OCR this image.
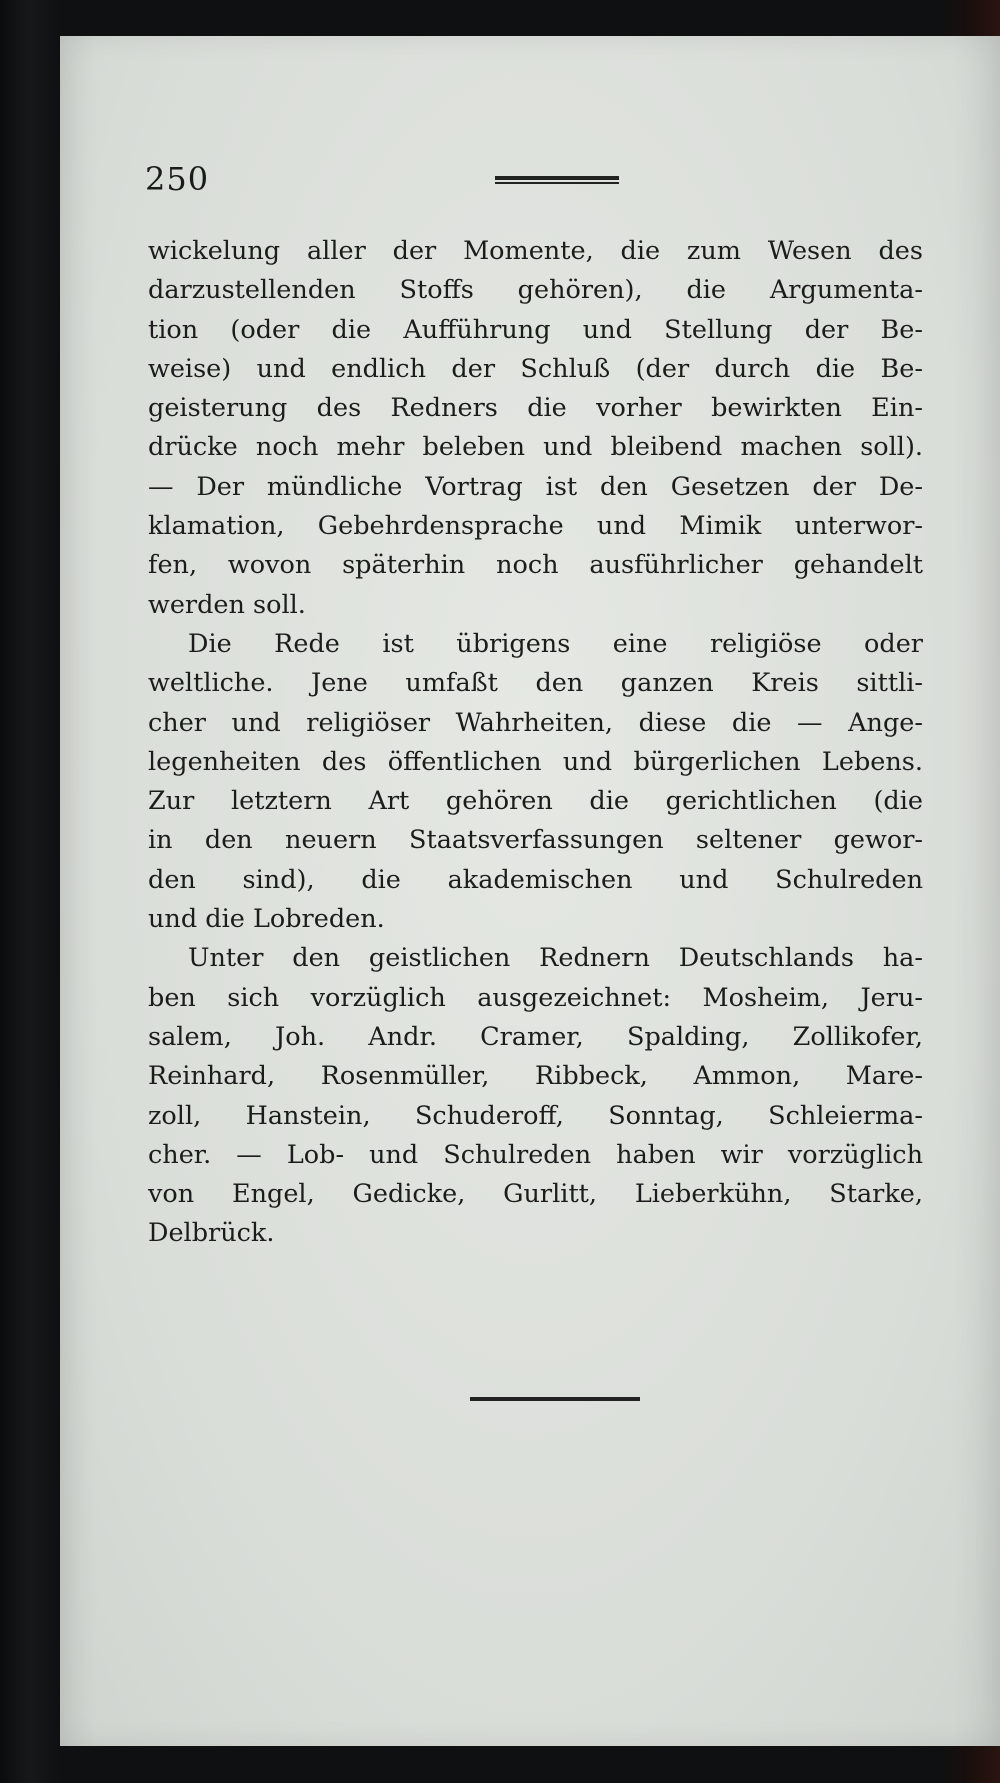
250
wickelung aller der Momente, die zum Wesen des
darzustellenden Stoffs gehören), die Argumenta-
tion (oder die Aufführung und Stellung der Be-
weise) und endlich der Schluß (der durch die Be-
geisterung des Redners die vorher bewirkten Ein-
drücke noch mehr beleben und bleibend machen soll).
— Der mündliche Vortrag ist den Gesetzen der De-
klamation, Gebehrdensprache und Mimik unterwor-
fen, wovon späterhin noch ausführlicher gehandelt
werden soll.
Die Rede ist übrigens eine religiöse oder
weltliche. Jene umfaßt den ganzen Kreis sittli-
cher und religiöser Wahrheiten, diese die — Ange-
legenheiten des öffentlichen und bürgerlichen Lebens.
Zur letztern Art gehören die gerichtlichen (die
in den neuern Staatsverfassungen seltener gewor-
den sind), die akademischen und Schulreden
und die Lobreden.
Unter den geistlichen Rednern Deutschlands ha-
ben sich vorzüglich ausgezeichnet: Mosheim, Jeru-
salem, Joh. Andr. Cramer, Spalding, Zollikofer,
Reinhard, Rosenmüller, Ribbeck, Ammon, Mare-
zoll, Hanstein, Schuderoff, Sonntag, Schleierma-
cher. — Lob- und Schulreden haben wir vorzüglich
von Engel, Gedicke, Gurlitt, Lieberkühn, Starke,
Delbrück.
